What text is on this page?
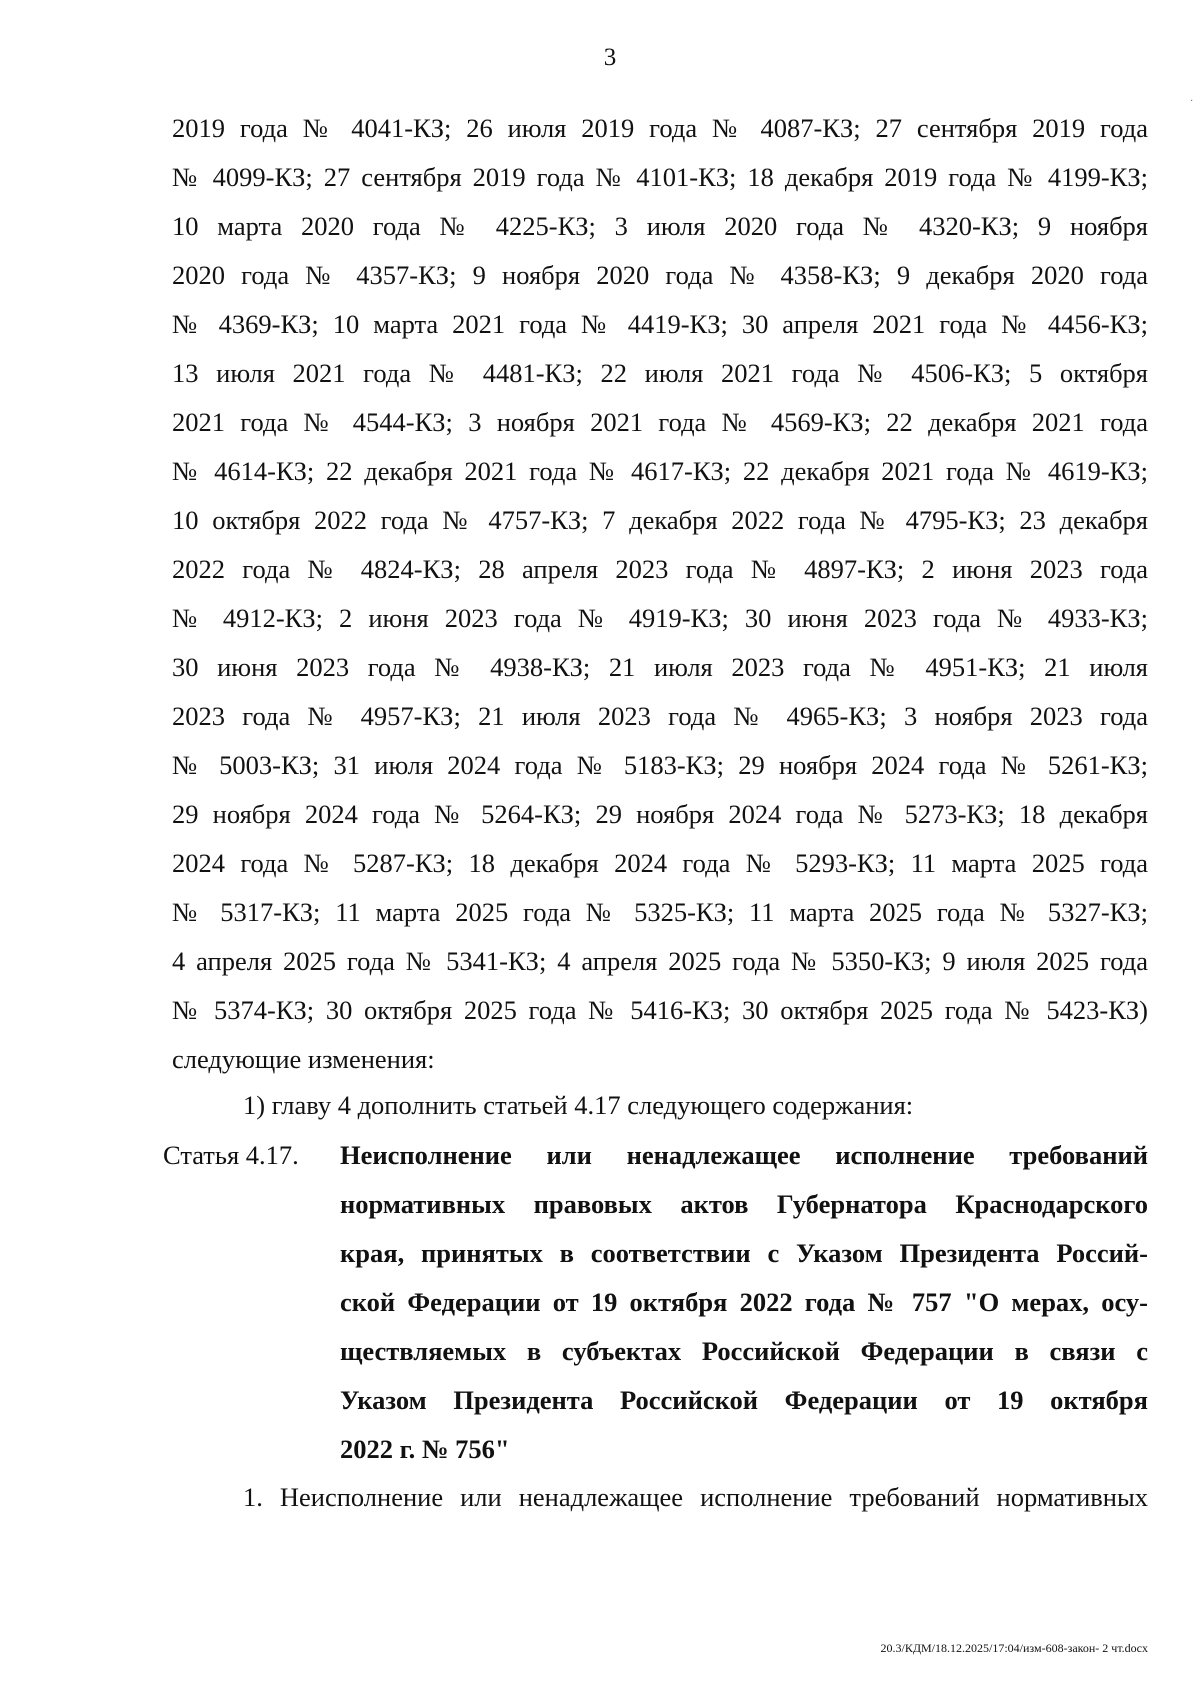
3
·
2019 года № 4041-КЗ; 26 июля 2019 года № 4087-КЗ; 27 сентября 2019 года
№ 4099-КЗ; 27 сентября 2019 года № 4101-КЗ; 18 декабря 2019 года № 4199-КЗ;
10 марта 2020 года № 4225-КЗ; 3 июля 2020 года № 4320-КЗ; 9 ноября
2020 года № 4357-КЗ; 9 ноября 2020 года № 4358-КЗ; 9 декабря 2020 года
№ 4369-КЗ; 10 марта 2021 года № 4419-КЗ; 30 апреля 2021 года № 4456-КЗ;
13 июля 2021 года № 4481-КЗ; 22 июля 2021 года № 4506-КЗ; 5 октября
2021 года № 4544-КЗ; 3 ноября 2021 года № 4569-КЗ; 22 декабря 2021 года
№ 4614-КЗ; 22 декабря 2021 года № 4617-КЗ; 22 декабря 2021 года № 4619-КЗ;
10 октября 2022 года № 4757-КЗ; 7 декабря 2022 года № 4795-КЗ; 23 декабря
2022 года № 4824-КЗ; 28 апреля 2023 года № 4897-КЗ; 2 июня 2023 года
№ 4912-КЗ; 2 июня 2023 года № 4919-КЗ; 30 июня 2023 года № 4933-КЗ;
30 июня 2023 года № 4938-КЗ; 21 июля 2023 года № 4951-КЗ; 21 июля
2023 года № 4957-КЗ; 21 июля 2023 года № 4965-КЗ; 3 ноября 2023 года
№ 5003-КЗ; 31 июля 2024 года № 5183-КЗ; 29 ноября 2024 года № 5261-КЗ;
29 ноября 2024 года № 5264-КЗ; 29 ноября 2024 года № 5273-КЗ; 18 декабря
2024 года № 5287-КЗ; 18 декабря 2024 года № 5293-КЗ; 11 марта 2025 года
№ 5317-КЗ; 11 марта 2025 года № 5325-КЗ; 11 марта 2025 года № 5327-КЗ;
4 апреля 2025 года № 5341-КЗ; 4 апреля 2025 года № 5350-КЗ; 9 июля 2025 года
№ 5374-КЗ; 30 октября 2025 года № 5416-КЗ; 30 октября 2025 года № 5423-КЗ)
следующие изменения:
1) главу 4 дополнить статьей 4.17 следующего содержания:
Статья 4.17. Неисполнение или ненадлежащее исполнение требований
нормативных правовых актов Губернатора Краснодарского
края, принятых в соответствии с Указом Президента Россий-
ской Федерации от 19 октября 2022 года № 757 "О мерах, осу-
ществляемых в субъектах Российской Федерации в связи с
Указом Президента Российской Федерации от 19 октября
2022 г. № 756"
1. Неисполнение или ненадлежащее исполнение требований нормативных
20.3/КДМ/18.12.2025/17:04/изм-608-закон- 2 чт.docx
